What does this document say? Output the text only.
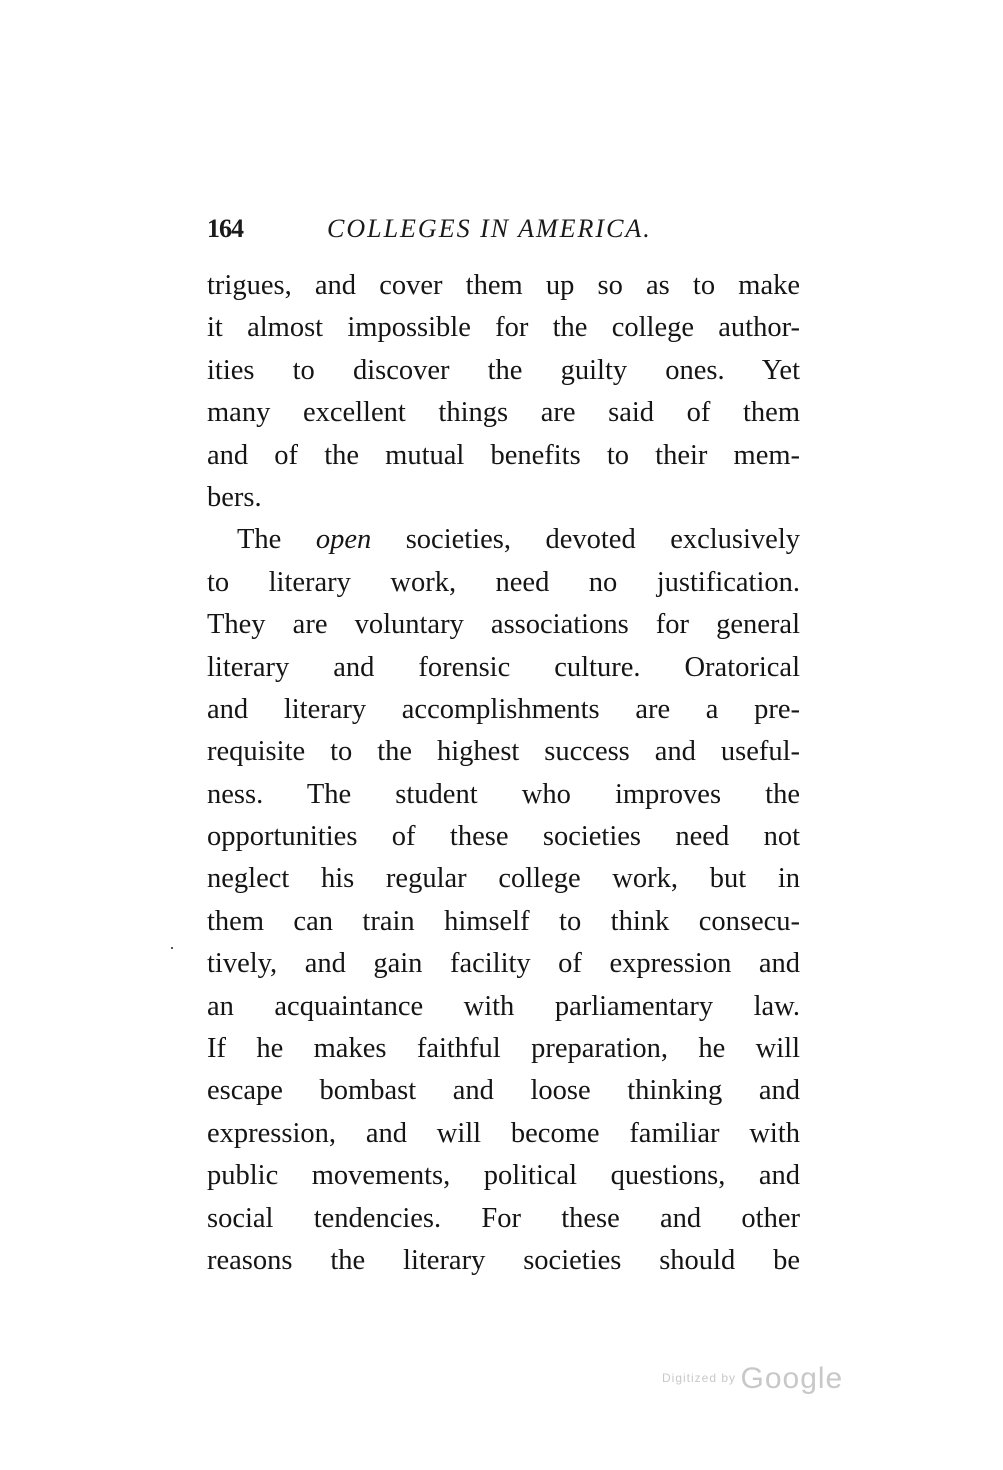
164	COLLEGES IN AMERICA.
trigues, and cover them up so as to make
it almost impossible for the college author-
ities to discover the guilty ones. Yet
many excellent things are said of them
and of the mutual benefits to their mem-
bers.
The open societies, devoted exclusively
to literary work, need no justification.
They are voluntary associations for general
literary and forensic culture. Oratorical
and literary accomplishments are a pre-
requisite to the highest success and useful-
ness. The student who improves the
opportunities of these societies need not
neglect his regular college work, but in
them can train himself to think consecu-
tively, and gain facility of expression and
an acquaintance with parliamentary law.
If he makes faithful preparation, he will
escape bombast and loose thinking and
expression, and will become familiar with
public movements, political questions, and
social tendencies. For these and other
reasons the literary societies should be
$^{Digitized by}$ Google
